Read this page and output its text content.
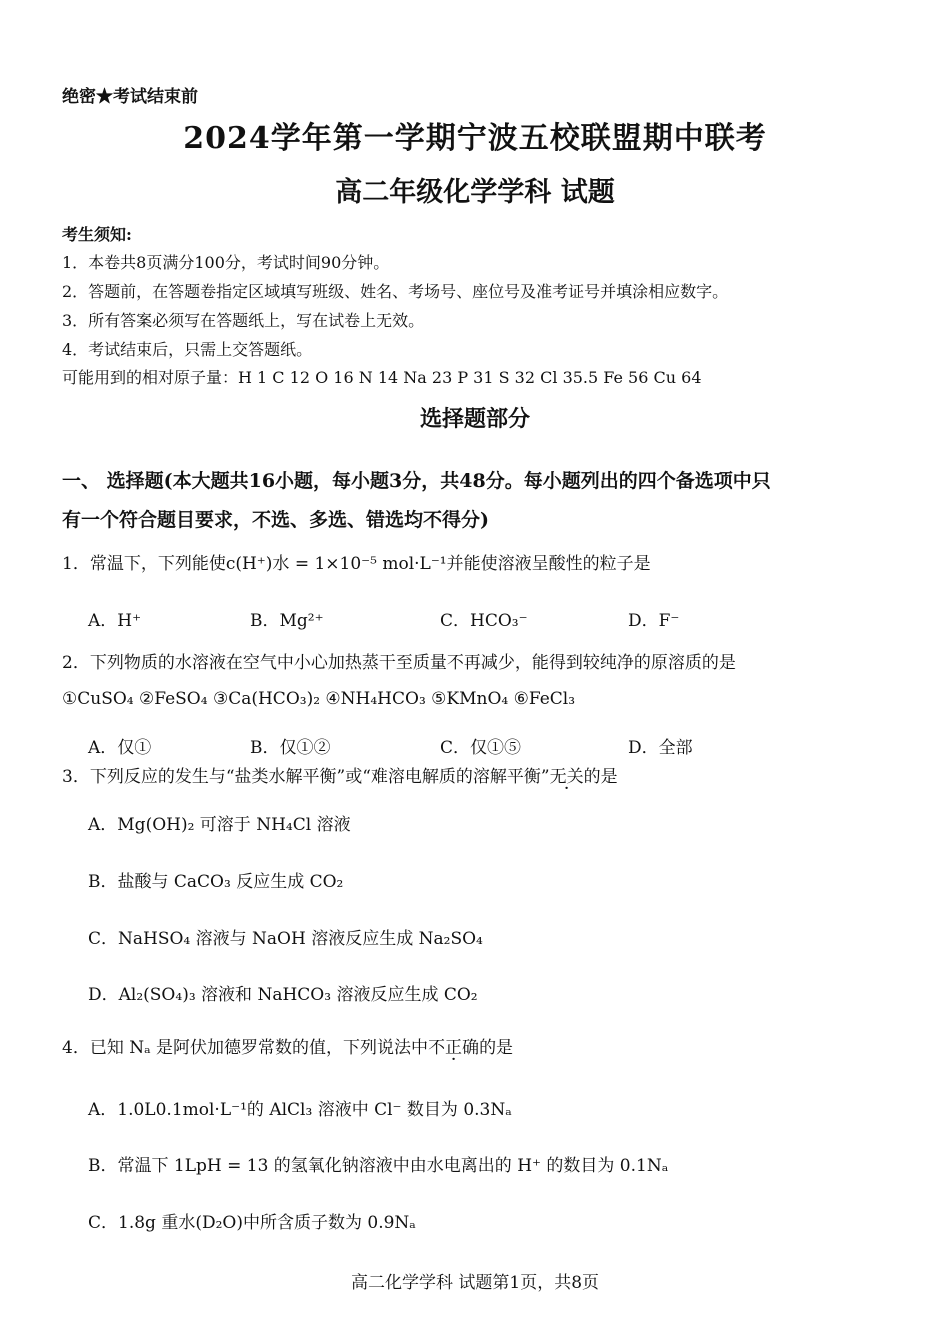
绝密★考试结束前
2024学年第一学期宁波五校联盟期中联考
高二年级化学学科 试题
考生须知:
1．本卷共8页满分100分，考试时间90分钟。
2．答题前，在答题卷指定区域填写班级、姓名、考场号、座位号及准考证号并填涂相应数字。
3．所有答案必须写在答题纸上，写在试卷上无效。
4．考试结束后，只需上交答题纸。
可能用到的相对原子量：H 1 C 12 O 16 N 14 Na 23 P 31 S 32 Cl 35.5 Fe 56 Cu 64
选择题部分
一、 选择题(本大题共16小题，每小题3分，共48分。每小题列出的四个备选项中只
有一个符合题目要求，不选、多选、错选均不得分)
1．常温下，下列能使c(H⁺)水 = 1×10⁻⁵ mol·L⁻¹并能使溶液呈酸性的粒子是
A．H⁺	B．Mg²⁺	C．HCO₃⁻	D．F⁻
2．下列物质的水溶液在空气中小心加热蒸干至质量不再减少，能得到较纯净的原溶质的是
①CuSO₄ ②FeSO₄ ③Ca(HCO₃)₂ ④NH₄HCO₃ ⑤KMnO₄ ⑥FeCl₃
A．仅①	B．仅①②	C．仅①⑤	D．全部
3．下列反应的发生与“盐类水解平衡”或“难溶电解质的溶解平衡”无关的是
A．Mg(OH)₂ 可溶于 NH₄Cl 溶液
B．盐酸与 CaCO₃ 反应生成 CO₂
C．NaHSO₄ 溶液与 NaOH 溶液反应生成 Na₂SO₄
D．Al₂(SO₄)₃ 溶液和 NaHCO₃ 溶液反应生成 CO₂
4．已知 Nₐ 是阿伏加德罗常数的值，下列说法中不正确的是
A．1.0L0.1mol·L⁻¹的 AlCl₃ 溶液中 Cl⁻ 数目为 0.3Nₐ
B．常温下 1LpH = 13 的氢氧化钠溶液中由水电离出的 H⁺ 的数目为 0.1Nₐ
C．1.8g 重水(D₂O)中所含质子数为 0.9Nₐ
高二化学学科 试题第1页，共8页
